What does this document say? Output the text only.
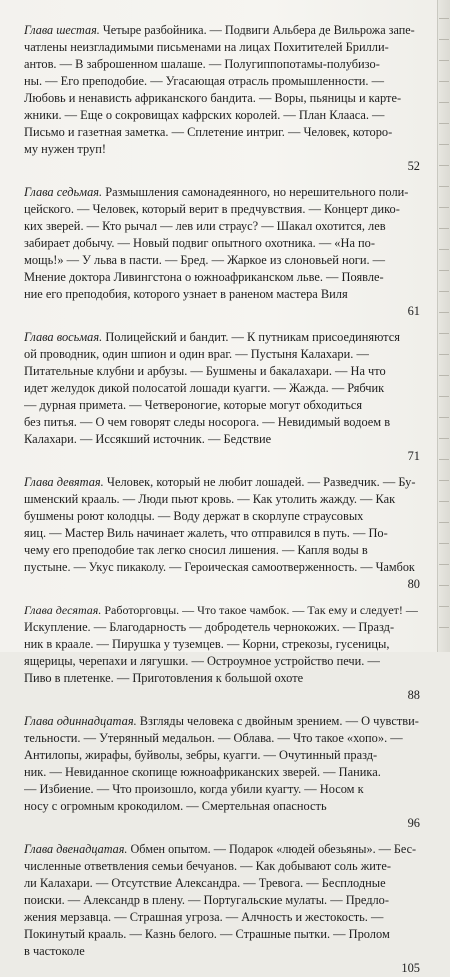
Глава шестая. Четыре разбойника. — Подвиги Альбера де Вильрожа запе-
чатлены неизгладимыми письменами на лицах Похитителей Брилли-
антов. — В заброшенном шалаше. — Полугиппопотамы-полубизо-
ны. — Его преподобие. — Угасающая отрасль промышленности. —
Любовь и ненависть африканского бандита. — Воры, пьяницы и карте-
жники. — Еще о сокровищах кафрских королей. — План Клааса. —
Письмо и газетная заметка. — Сплетение интриг. — Человек, которо-
му нужен труп!
52
Глава седьмая. Размышления самонадеянного, но нерешительного поли-
цейского. — Человек, который верит в предчувствия. — Концерт дико-
ких зверей. — Кто рычал — лев или страус? — Шакал охотится, лев
забирает добычу. — Новый подвиг опытного охотника. — «На по-
мощь!» — У льва в пасти. — Бред. — Жаркое из слоновьей ноги. —
Мнение доктора Ливингстона о южноафриканском льве. — Появле-
ние его преподобия, которого узнает в раненом мастера Виля
61
Глава восьмая. Полицейский и бандит. — К путникам присоединяются
ой проводник, один шпион и один враг. — Пустыня Калахари. —
Питательные клубни и арбузы. — Бушмены и бакалахари. — На что
идет желудок дикой полосатой лошади куагги. — Жажда. — Рябчик
— дурная примета. — Четвероногие, которые могут обходиться
без питья. — О чем говорят следы носорога. — Невидимый водоем в
Калахари. — Иссякший источник. — Бедствие
71
Глава девятая. Человек, который не любит лошадей. — Разведчик. — Бу-
шменский крааль. — Люди пьют кровь. — Как утолить жажду. — Как
бушмены роют колодцы. — Воду держат в скорлупе страусовых
яиц. — Мастер Виль начинает жалеть, что отправился в путь. — По-
чему его преподобие так легко сносил лишения. — Капля воды в
пустыне. — Укус пикаколу. — Героическая самоотверженность. — Чамбок
80
Глава десятая. Работорговцы. — Что такое чамбок. — Так ему и следует! —
Искупление. — Благодарность — добродетель чернокожих. — Празд-
ник в краале. — Пирушка у туземцев. — Корни, стрекозы, гусеницы,
ящерицы, черепахи и лягушки. — Остроумное устройство печи. —
Пиво в плетенке. — Приготовления к большой охоте
88
Глава одиннадцатая. Взгляды человека с двойным зрением. — О чувстви-
тельности. — Утерянный медальон. — Облава. — Что такое «хопо». —
Антилопы, жирафы, буйволы, зебры, куагги. — Очутинный празд-
ник. — Невиданное скопище южноафриканских зверей. — Паника.
— Избиение. — Что произошло, когда убили куагту. — Носом к
носу с огромным крокодилом. — Смертельная опасность
96
Глава двенадцатая. Обмен опытом. — Подарок «людей обезьяны». — Бес-
численные ответвления семьи бечуанов. — Как добывают соль жите-
ли Калахари. — Отсутствие Александра. — Тревога. — Бесплодные
поиски. — Александр в плену. — Португальские мулаты. — Предло-
жения мерзавца. — Страшная угроза. — Алчность и жестокость. —
Покинутый крааль. — Казнь белого. — Страшные пытки. — Пролом
в частоколе
105
